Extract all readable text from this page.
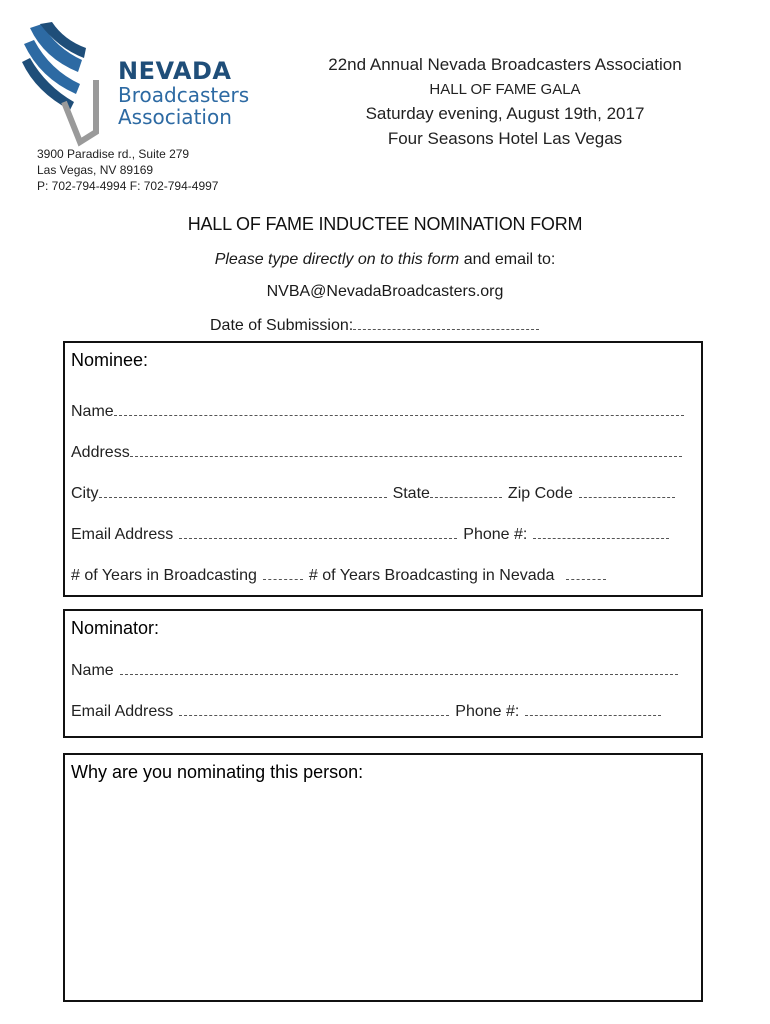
NEVADA
Broadcasters
Association
3900 Paradise rd., Suite 279
Las Vegas, NV 89169
P: 702-794-4994 F: 702-794-4997
22nd Annual Nevada Broadcasters Association
HALL OF FAME GALA
Saturday evening, August 19th, 2017
Four Seasons Hotel Las Vegas
HALL OF FAME INDUCTEE NOMINATION FORM
Please type directly on to this form and email to:
NVBA@NevadaBroadcasters.org
Date of Submission:
Nominee:
Name
Address
City	State	Zip Code
Email Address	Phone #:
# of Years in Broadcasting	# of Years Broadcasting in Nevada
Nominator:
Name
Email Address	Phone #:
Why are you nominating this person:
